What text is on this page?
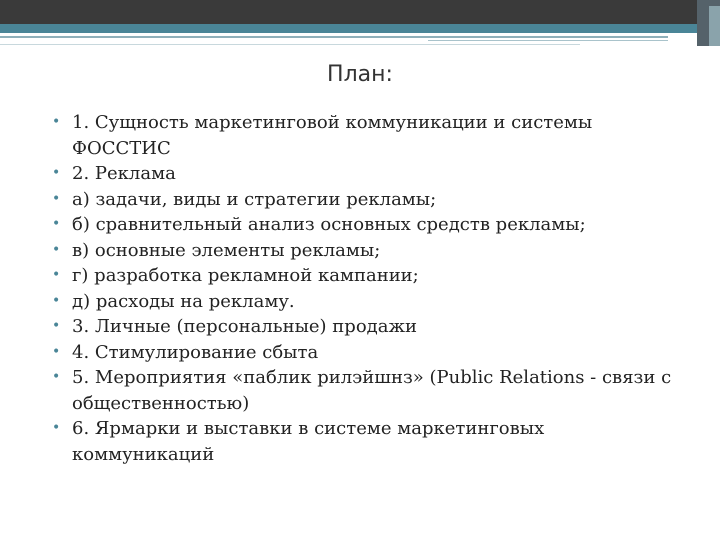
План:
• 1. Сущность маркетинговой коммуникации и системы ФОССТИС
• 2. Реклама
• а) задачи, виды и стратегии рекламы;
• б) сравнительный анализ основных средств рекламы;
• в) основные элементы рекламы;
• г) разработка рекламной кампании;
• д) расходы на рекламу.
• 3. Личные (персональные) продажи
• 4. Стимулирование сбыта
• 5. Мероприятия «паблик рилэйшнз» (Public Relations - связи с общественностью)
• 6. Ярмарки и выставки в системе маркетинговых коммуникаций
